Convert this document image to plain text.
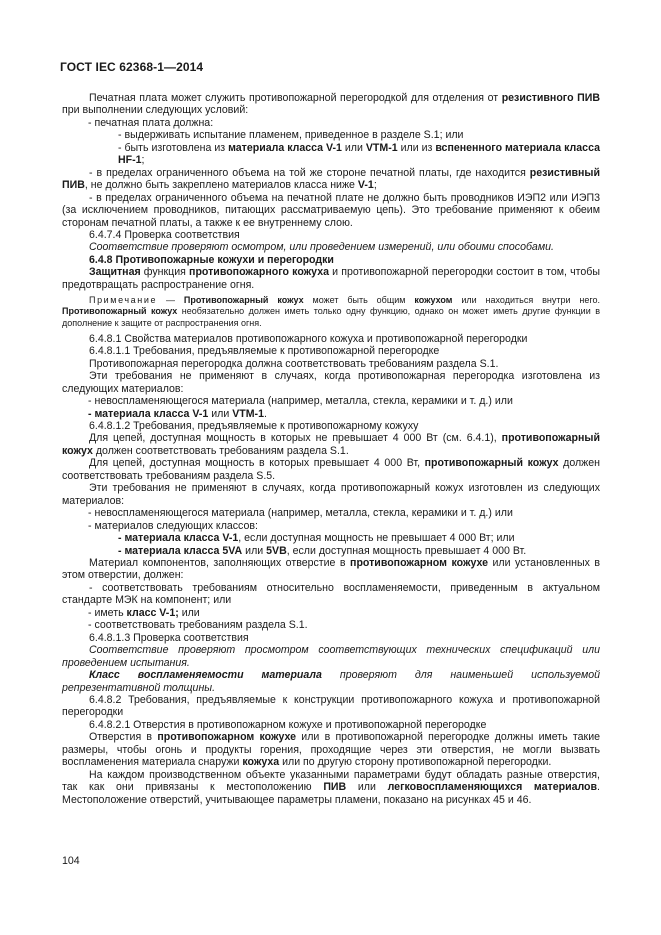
ГОСТ IEC 62368-1—2014

Печатная плата может служить противопожарной перегородкой для отделения от резистивного ПИВ при выполнении следующих условий:

- печатная плата должна:

- выдерживать испытание пламенем, приведенное в разделе S.1; или

- быть изготовлена из материала класса V-1 или VTM-1 или из вспененного материала класса HF-1;

- в пределах ограниченного объема на той же стороне печатной платы, где находится резистивный ПИВ, не должно быть закреплено материалов класса ниже V-1;

- в пределах ограниченного объема на печатной плате не должно быть проводников ИЭП2 или ИЭП3 (за исключением проводников, питающих рассматриваемую цепь). Это требование применяют к обеим сторонам печатной платы, а также к ее внутреннему слою.

6.4.7.4 Проверка соответствия

Соответствие проверяют осмотром, или проведением измерений, или обоими способами.

6.4.8 Противопожарные кожухи и перегородки

Защитная функция противопожарного кожуха и противопожарной перегородки состоит в том, чтобы предотвращать распространение огня.

Примечание — Противопожарный кожух может быть общим кожухом или находиться внутри него. Противопожарный кожух необязательно должен иметь только одну функцию, однако он может иметь другие функции в дополнение к защите от распространения огня.

6.4.8.1 Свойства материалов противопожарного кожуха и противопожарной перегородки

6.4.8.1.1 Требования, предъявляемые к противопожарной перегородке

Противопожарная перегородка должна соответствовать требованиям раздела S.1.

Эти требования не применяют в случаях, когда противопожарная перегородка изготовлена из следующих материалов:

- невоспламеняющегося материала (например, металла, стекла, керамики и т. д.) или

- материала класса V-1 или VTM-1.

6.4.8.1.2 Требования, предъявляемые к противопожарному кожуху

Для цепей, доступная мощность в которых не превышает 4 000 Вт (см. 6.4.1), противопожарный кожух должен соответствовать требованиям раздела S.1.

Для цепей, доступная мощность в которых превышает 4 000 Вт, противопожарный кожух должен соответствовать требованиям раздела S.5.

Эти требования не применяют в случаях, когда противопожарный кожух изготовлен из следующих материалов:

- невоспламеняющегося материала (например, металла, стекла, керамики и т. д.) или

- материалов следующих классов:

- материала класса V-1, если доступная мощность не превышает 4 000 Вт; или

- материала класса 5VA или 5VB, если доступная мощность превышает 4 000 Вт.

Материал компонентов, заполняющих отверстие в противопожарном кожухе или установленных в этом отверстии, должен:

- соответствовать требованиям относительно воспламеняемости, приведенным в актуальном стандарте МЭК на компонент; или

- иметь класс V-1; или

- соответствовать требованиям раздела S.1.

6.4.8.1.3 Проверка соответствия

Соответствие проверяют просмотром соответствующих технических спецификаций или проведением испытания.

Класс воспламеняемости материала проверяют для наименьшей используемой репрезентативной толщины.

6.4.8.2 Требования, предъявляемые к конструкции противопожарного кожуха и противопожарной перегородки

6.4.8.2.1 Отверстия в противопожарном кожухе и противопожарной перегородке

Отверстия в противопожарном кожухе или в противопожарной перегородке должны иметь такие размеры, чтобы огонь и продукты горения, проходящие через эти отверстия, не могли вызвать воспламенения материала снаружи кожуха или по другую сторону противопожарной перегородки.

На каждом производственном объекте указанными параметрами будут обладать разные отверстия, так как они привязаны к местоположению ПИВ или легковоспламеняющихся материалов. Местоположение отверстий, учитывающее параметры пламени, показано на рисунках 45 и 46.

104
